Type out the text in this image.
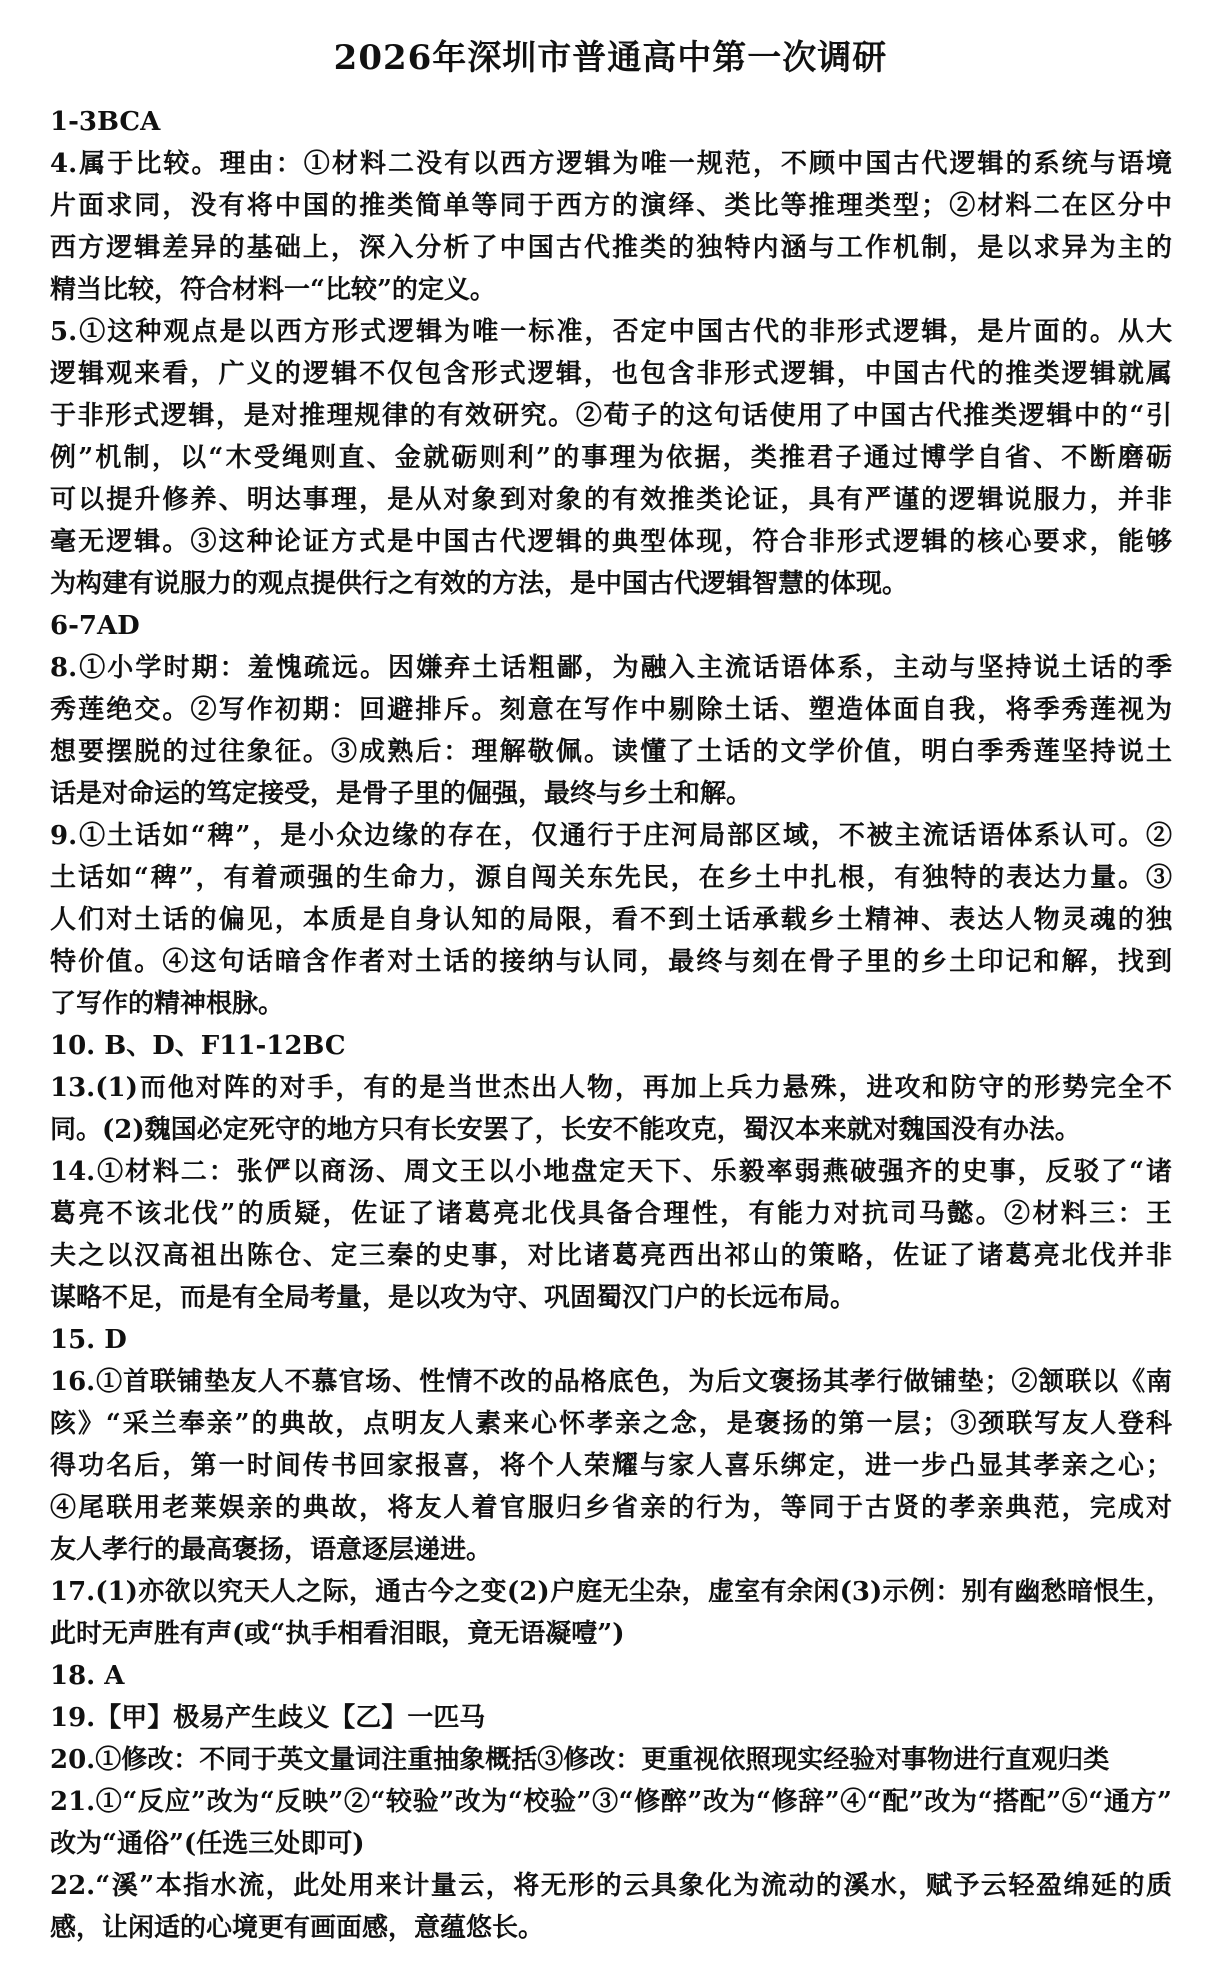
2026年深圳市普通高中第一次调研
1-3BCA
4.属于比较。理由：①材料二没有以西方逻辑为唯一规范，不顾中国古代逻辑的系统与语境
片面求同，没有将中国的推类简单等同于西方的演绎、类比等推理类型；②材料二在区分中
西方逻辑差异的基础上，深入分析了中国古代推类的独特内涵与工作机制，是以求异为主的
精当比较，符合材料一“比较”的定义。
5.①这种观点是以西方形式逻辑为唯一标准，否定中国古代的非形式逻辑，是片面的。从大
逻辑观来看，广义的逻辑不仅包含形式逻辑，也包含非形式逻辑，中国古代的推类逻辑就属
于非形式逻辑，是对推理规律的有效研究。②荀子的这句话使用了中国古代推类逻辑中的“引
例”机制，以“木受绳则直、金就砺则利”的事理为依据，类推君子通过博学自省、不断磨砺
可以提升修养、明达事理，是从对象到对象的有效推类论证，具有严谨的逻辑说服力，并非
毫无逻辑。③这种论证方式是中国古代逻辑的典型体现，符合非形式逻辑的核心要求，能够
为构建有说服力的观点提供行之有效的方法，是中国古代逻辑智慧的体现。
6-7AD
8.①小学时期：羞愧疏远。因嫌弃土话粗鄙，为融入主流话语体系，主动与坚持说土话的季
秀莲绝交。②写作初期：回避排斥。刻意在写作中剔除土话、塑造体面自我，将季秀莲视为
想要摆脱的过往象征。③成熟后：理解敬佩。读懂了土话的文学价值，明白季秀莲坚持说土
话是对命运的笃定接受，是骨子里的倔强，最终与乡土和解。
9.①土话如“稗”，是小众边缘的存在，仅通行于庄河局部区域，不被主流话语体系认可。②
土话如“稗”，有着顽强的生命力，源自闯关东先民，在乡土中扎根，有独特的表达力量。③
人们对土话的偏见，本质是自身认知的局限，看不到土话承载乡土精神、表达人物灵魂的独
特价值。④这句话暗含作者对土话的接纳与认同，最终与刻在骨子里的乡土印记和解，找到
了写作的精神根脉。
10. B、D、F11-12BC
13.(1)而他对阵的对手，有的是当世杰出人物，再加上兵力悬殊，进攻和防守的形势完全不
同。(2)魏国必定死守的地方只有长安罢了，长安不能攻克，蜀汉本来就对魏国没有办法。
14.①材料二：张俨以商汤、周文王以小地盘定天下、乐毅率弱燕破强齐的史事，反驳了“诸
葛亮不该北伐”的质疑，佐证了诸葛亮北伐具备合理性，有能力对抗司马懿。②材料三：王
夫之以汉高祖出陈仓、定三秦的史事，对比诸葛亮西出祁山的策略，佐证了诸葛亮北伐并非
谋略不足，而是有全局考量，是以攻为守、巩固蜀汉门户的长远布局。
15. D
16.①首联铺垫友人不慕官场、性情不改的品格底色，为后文褒扬其孝行做铺垫；②颔联以《南
陔》“采兰奉亲”的典故，点明友人素来心怀孝亲之念，是褒扬的第一层；③颈联写友人登科
得功名后，第一时间传书回家报喜，将个人荣耀与家人喜乐绑定，进一步凸显其孝亲之心；
④尾联用老莱娱亲的典故，将友人着官服归乡省亲的行为，等同于古贤的孝亲典范，完成对
友人孝行的最高褒扬，语意逐层递进。
17.(1)亦欲以究天人之际，通古今之变(2)户庭无尘杂，虚室有余闲(3)示例：别有幽愁暗恨生，
此时无声胜有声(或“执手相看泪眼，竟无语凝噎”)
18. A
19.【甲】极易产生歧义【乙】一匹马
20.①修改：不同于英文量词注重抽象概括③修改：更重视依照现实经验对事物进行直观归类
21.①“反应”改为“反映”②“较验”改为“校验”③“修醉”改为“修辞”④“配”改为“搭配”⑤“通方”
改为“通俗”(任选三处即可)
22.“溪”本指水流，此处用来计量云，将无形的云具象化为流动的溪水，赋予云轻盈绵延的质
感，让闲适的心境更有画面感，意蕴悠长。
